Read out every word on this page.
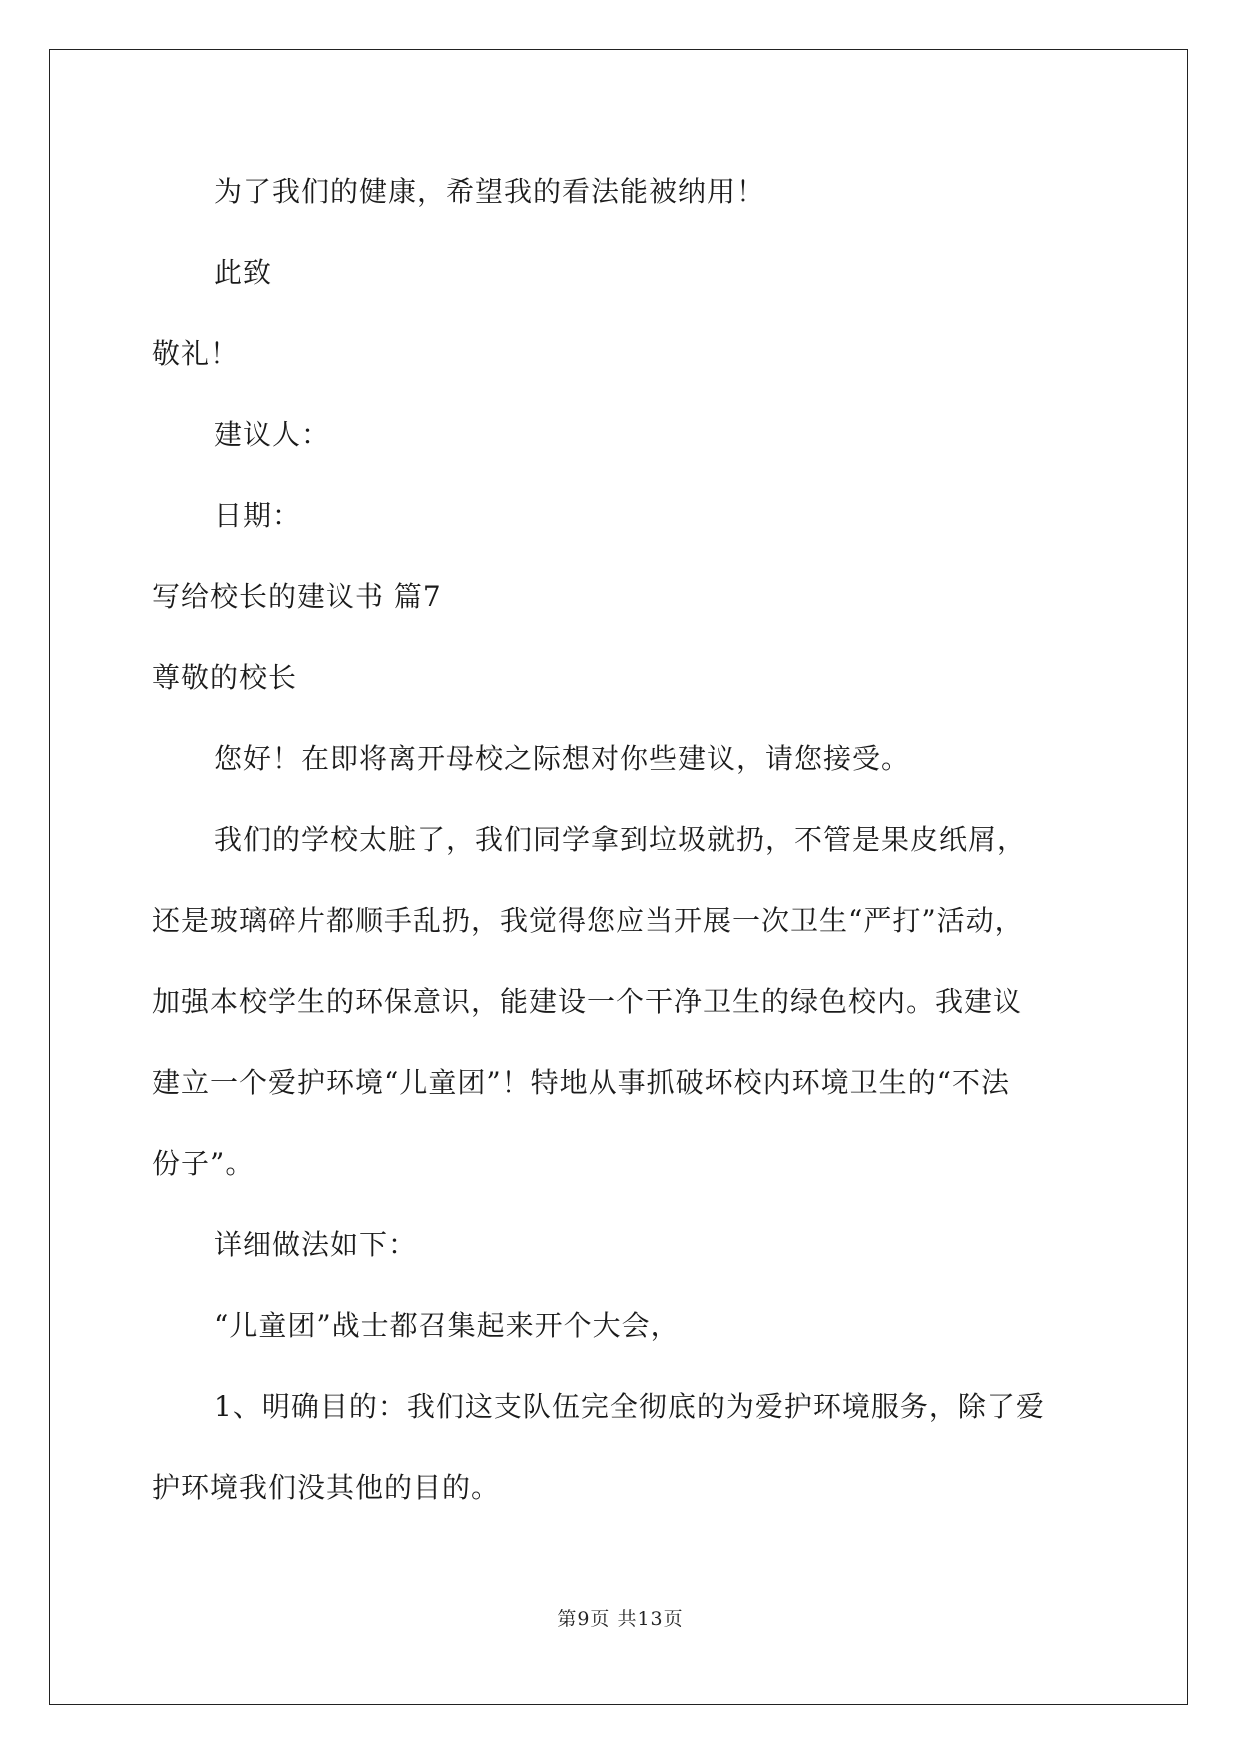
为了我们的健康，希望我的看法能被纳用！
此致
敬礼！
建议人：
日期：
写给校长的建议书 篇7
尊敬的校长
您好！在即将离开母校之际想对你些建议，请您接受。
我们的学校太脏了，我们同学拿到垃圾就扔，不管是果皮纸屑，
还是玻璃碎片都顺手乱扔，我觉得您应当开展一次卫生“严打”活动，
加强本校学生的环保意识，能建设一个干净卫生的绿色校内。我建议
建立一个爱护环境“儿童团”！特地从事抓破坏校内环境卫生的“不法
份子”。
详细做法如下：
“儿童团”战士都召集起来开个大会，
1、明确目的：我们这支队伍完全彻底的为爱护环境服务，除了爱
护环境我们没其他的目的。
第9页 共13页
